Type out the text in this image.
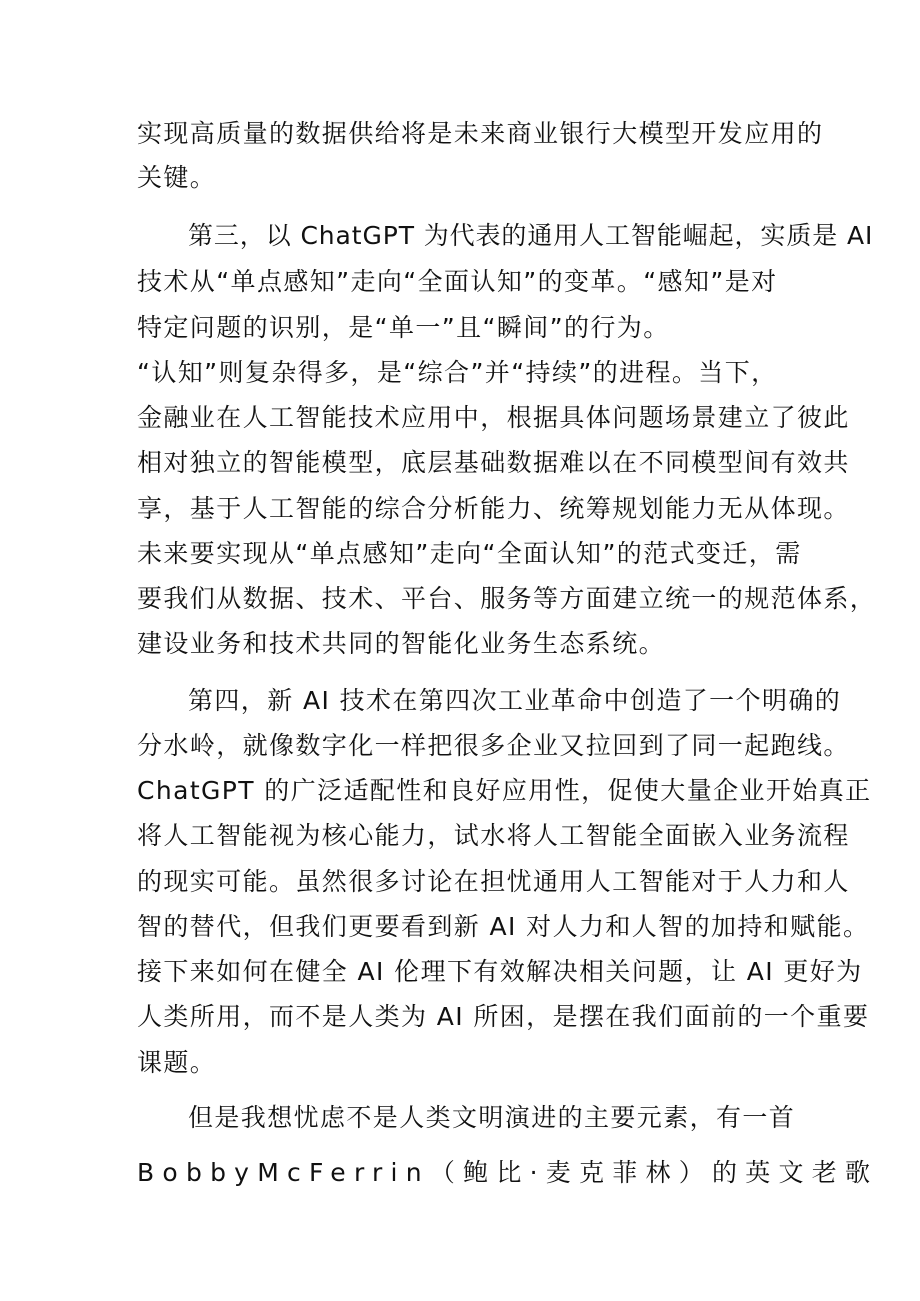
实现高质量的数据供给将是未来商业银行大模型开发应用的
关键。
第三，以 ChatGPT 为代表的通用人工智能崛起，实质是 AI
技术从“单点感知”走向“全面认知”的变革。“感知”是对
特定问题的识别，是“单一”且“瞬间”的行为。
“认知”则复杂得多，是“综合”并“持续”的进程。当下，
金融业在人工智能技术应用中，根据具体问题场景建立了彼此
相对独立的智能模型，底层基础数据难以在不同模型间有效共
享，基于人工智能的综合分析能力、统筹规划能力无从体现。
未来要实现从“单点感知”走向“全面认知”的范式变迁，需
要我们从数据、技术、平台、服务等方面建立统一的规范体系，
建设业务和技术共同的智能化业务生态系统。
第四，新 AI 技术在第四次工业革命中创造了一个明确的
分水岭，就像数字化一样把很多企业又拉回到了同一起跑线。
ChatGPT 的广泛适配性和良好应用性，促使大量企业开始真正
将人工智能视为核心能力，试水将人工智能全面嵌入业务流程
的现实可能。虽然很多讨论在担忧通用人工智能对于人力和人
智的替代，但我们更要看到新 AI 对人力和人智的加持和赋能。
接下来如何在健全 AI 伦理下有效解决相关问题，让 AI 更好为
人类所用，而不是人类为 AI 所困，是摆在我们面前的一个重要
课题。
但是我想忧虑不是人类文明演进的主要元素，有一首
BobbyMcFerrin（鲍比·麦克菲林）的英文老歌
